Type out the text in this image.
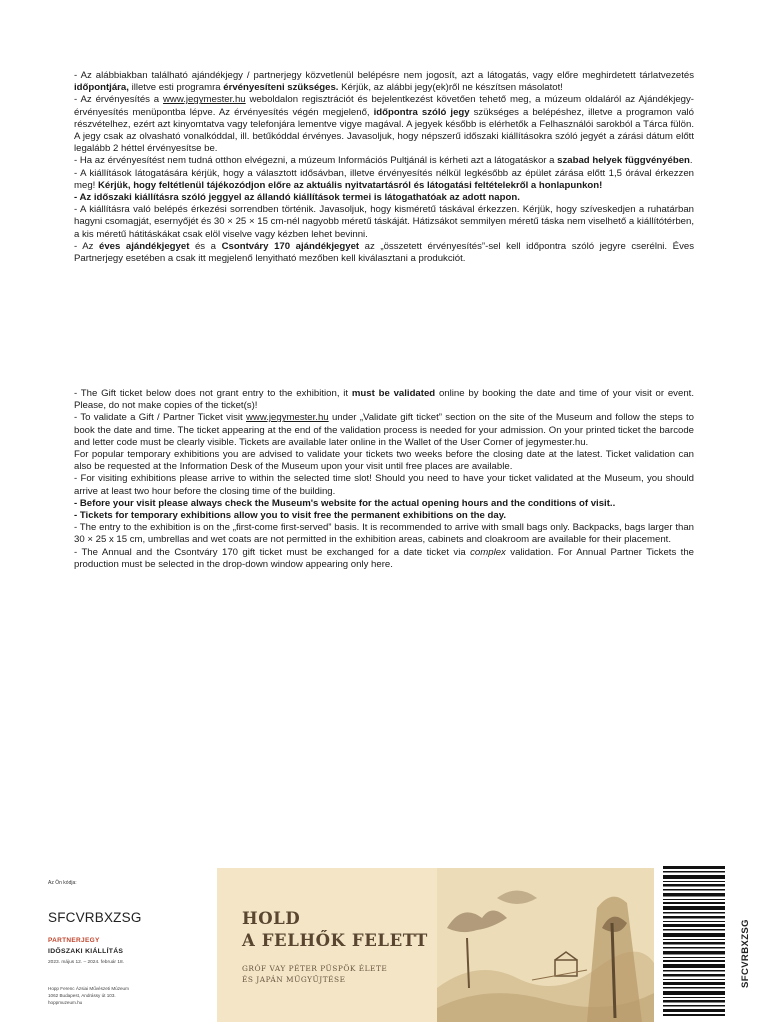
- Az alábbiakban található ajándékjegy / partnerjegy közvetlenül belépésre nem jogosít, azt a látogatás, vagy előre meghirdetett tárlatvezetés időpontjára, illetve esti programra érvényesíteni szükséges. Kérjük, az alábbi jegy(ek)ről ne készítsen másolatot!

- Az érvényesítés a www.jegymester.hu weboldalon regisztrációt és bejelentkezést követően tehető meg, a múzeum oldaláról az Ajándékjegy-érvényesítés menüpontba lépve. Az érvényesítés végén megjelenő, időpontra szóló jegy szükséges a belépéshez, illetve a programon való részvételhez, ezért azt kinyomtatva vagy telefonjára lementve vigye magával. A jegyek később is elérhetők a Felhasználói sarokból a Tárca fülön. A jegy csak az olvasható vonalkóddal, ill. betűkóddal érvényes. Javasoljuk, hogy népszerű időszaki kiállításokra szóló jegyét a zárási dátum előtt legalább 2 héttel érvényesítse be.

- Ha az érvényesítést nem tudná otthon elvégezni, a múzeum Információs Pultjánál is kérheti azt a látogatáskor a szabad helyek függvényében.

- A kiállítások látogatására kérjük, hogy a választott idősávban, illetve érvényesítés nélkül legkésőbb az épület zárása előtt 1,5 órával érkezzen meg! Kérjük, hogy feltétlenül tájékozódjon előre az aktuális nyitvatartásról és látogatási feltételekről a honlapunkon!

- Az időszaki kiállításra szóló jeggyel az állandó kiállítások termei is látogathatóak az adott napon.

- A kiállításra való belépés érkezési sorrendben történik. Javasoljuk, hogy kisméretű táskával érkezzen. Kérjük, hogy szíveskedjen a ruhatárban hagyni csomagját, esernyőjét és 30 × 25 × 15 cm-nél nagyobb méretű táskáját. Hátizsákot semmilyen méretű táska nem viselhető a kiállítótérben, a kis méretű hátitáskákat csak elöl viselve vagy kézben lehet bevinni.

- Az éves ajándékjegyet és a Csontváry 170 ajándékjegyet az „összetett érvényesítés”-sel kell időpontra szóló jegyre cserélni. Éves Partnerjegy esetében a csak itt megjelenő lenyitható mezőben kell kiválasztani a produkciót.

- The Gift ticket below does not grant entry to the exhibition, it must be validated online by booking the date and time of your visit or event. Please, do not make copies of the ticket(s)!

- To validate a Gift / Partner Ticket visit www.jegymester.hu under „Validate gift ticket” section on the site of the Museum and follow the steps to book the date and time. The ticket appearing at the end of the validation process is needed for your admission. On your printed ticket the barcode and letter code must be clearly visible. Tickets are available later online in the Wallet of the User Corner of jegymester.hu.

For popular temporary exhibitions you are advised to validate your tickets two weeks before the closing date at the latest. Ticket validation can also be requested at the Information Desk of the Museum upon your visit until free places are available.

- For visiting exhibitions please arrive to within the selected time slot! Should you need to have your ticket validated at the Museum, you should arrive at least two hour before the closing time of the building.

- Before your visit please always check the Museum's website for the actual opening hours and the conditions of visit..

- Tickets for temporary exhibitions allow you to visit free the permanent exhibitions on the day.

- The entry to the exhibition is on the „first-come first-served” basis. It is recommended to arrive with small bags only. Backpacks, bags larger than 30 × 25 x 15 cm, umbrellas and wet coats are not permitted in the exhibition areas, cabinets and cloakroom are available for their placement.

- The Annual and the Csontváry 170 gift ticket must be exchanged for a date ticket via complex validation. For Annual Partner Tickets the production must be selected in the drop-down window appearing only here.

Az Ön kódja:
SFCVRBXZSG
PARTNERJEGY
IDŐSZAKI KIÁLLÍTÁS
2023. május 12. – 2024. február 18.
Hopp Ferenc Ázsiai Művészeti Múzeum
1062 Budapest, Andrássy út 103.
hoppmuzeum.hu
HOLD
A FELHŐK FELETT
GRÓF VAY PÉTER PÜSPÖK ÉLETE
ÉS JAPÁN MŰGYŰJTÉSE	SFCVRBXZSG
